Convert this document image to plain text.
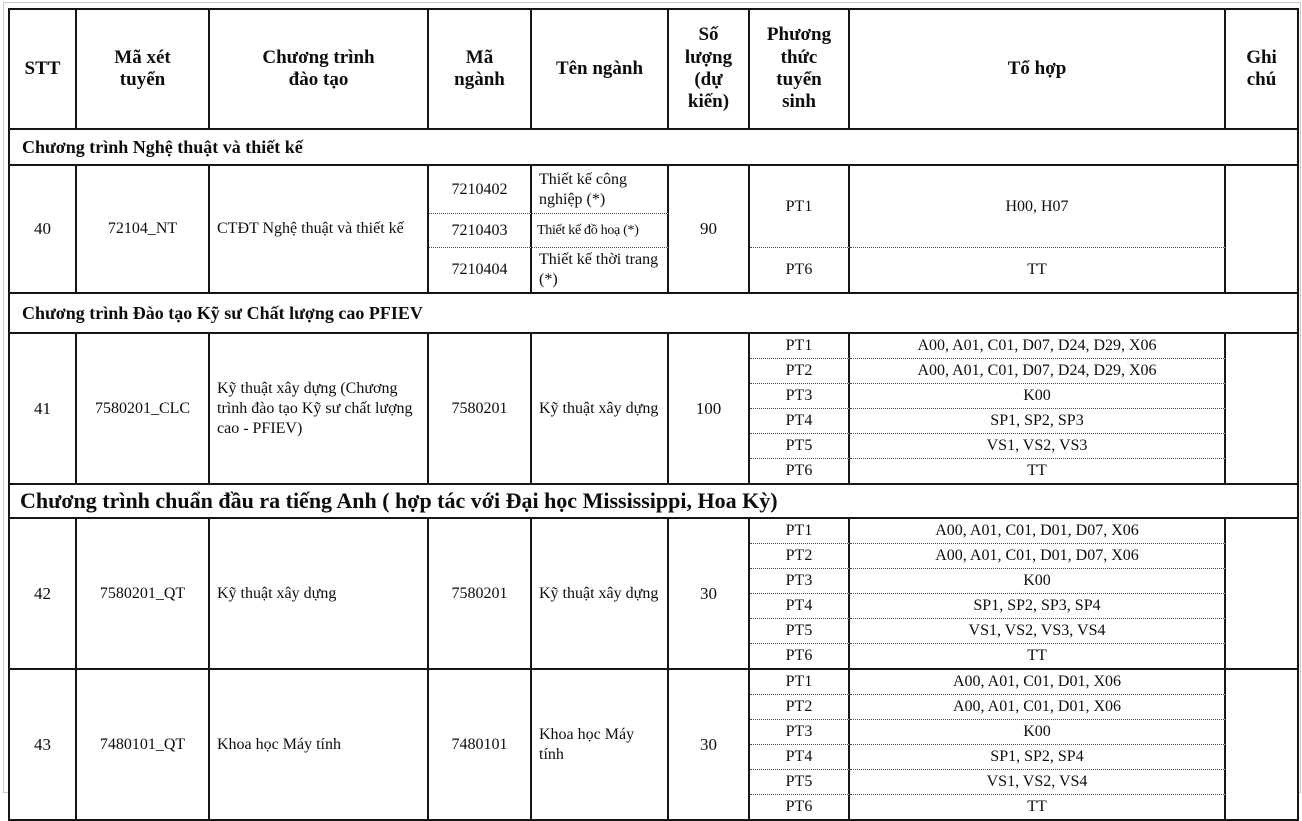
STT	Mã xét tuyển	Chương trình đào tạo	Mã ngành	Tên ngành	Số lượng (dự kiến)	Phương thức tuyển sinh	Tổ hợp	Ghi chú
Chương trình Nghệ thuật và thiết kế								
40	72104_NT	CTĐT Nghệ thuật và thiết kế	7210402	Thiết kế công nghiệp (*)	90	PT1	H00, H07	
			7210403	Thiết kế đồ hoạ (*)				
			7210404	Thiết kế thời trang (*)		PT6	TT	
Chương trình Đào tạo Kỹ sư Chất lượng cao PFIEV								
41	7580201_CLC	Kỹ thuật xây dựng (Chương trình đào tạo Kỹ sư chất lượng cao - PFIEV)	7580201	Kỹ thuật xây dựng	100	PT1	A00, A01, C01, D07, D24, D29, X06	
						PT2	A00, A01, C01, D07, D24, D29, X06	
						PT3	K00	
						PT4	SP1, SP2, SP3	
						PT5	VS1, VS2, VS3	
						PT6	TT	
Chương trình chuẩn đầu ra tiếng Anh ( hợp tác với Đại học Mississippi, Hoa Kỳ)								
42	7580201_QT	Kỹ thuật xây dựng	7580201	Kỹ thuật xây dựng	30	PT1	A00, A01, C01, D01, D07, X06	
						PT2	A00, A01, C01, D01, D07, X06	
						PT3	K00	
						PT4	SP1, SP2, SP3, SP4	
						PT5	VS1, VS2, VS3, VS4	
						PT6	TT	
43	7480101_QT	Khoa học Máy tính	7480101	Khoa học Máy tính	30	PT1	A00, A01, C01, D01, X06	
						PT2	A00, A01, C01, D01, X06	
						PT3	K00	
						PT4	SP1, SP2, SP4	
						PT5	VS1, VS2, VS4	
						PT6	TT	
